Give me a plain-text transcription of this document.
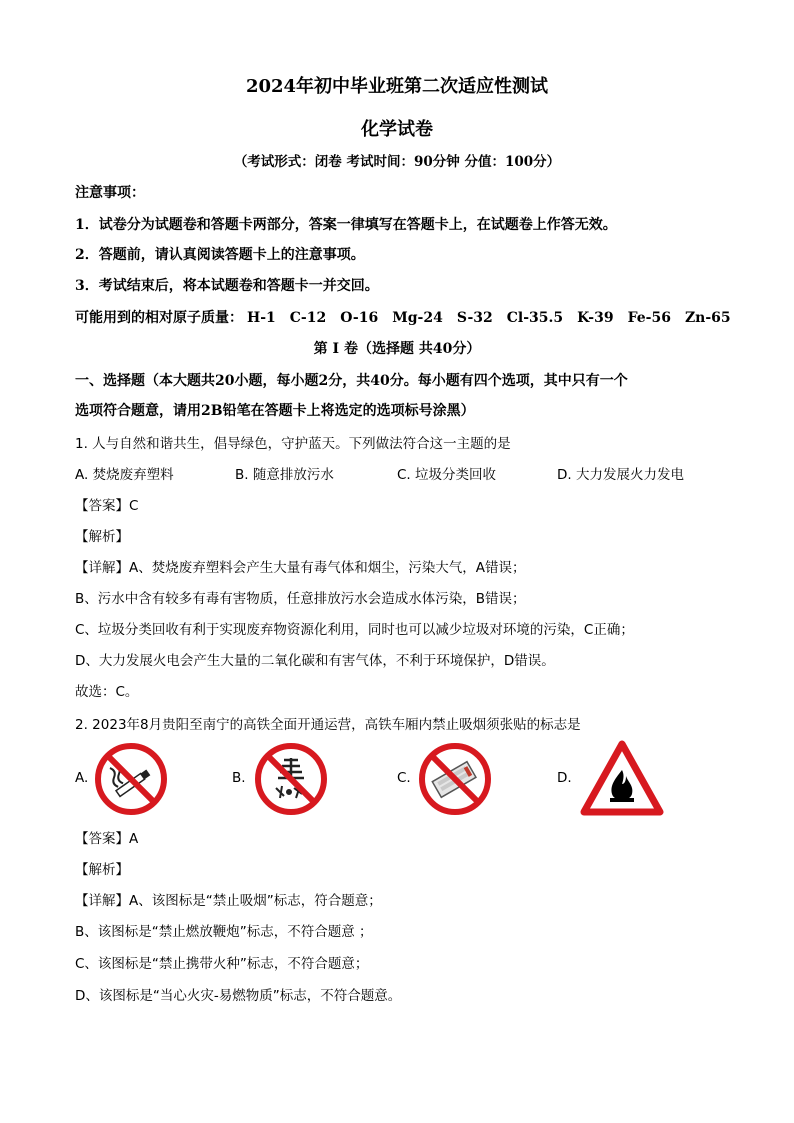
2024年初中毕业班第二次适应性测试
化学试卷
（考试形式：闭卷 考试时间：90分钟 分值：100分）
注意事项：
1．试卷分为试题卷和答题卡两部分，答案一律填写在答题卡上，在试题卷上作答无效。
2．答题前，请认真阅读答题卡上的注意事项。
3．考试结束后，将本试题卷和答题卡一并交回。
可能用到的相对原子质量： H-1 C-12 O-16 Mg-24 S-32 Cl-35.5 K-39 Fe-56 Zn-65
第 I 卷（选择题 共40分）
一、选择题（本大题共20小题，每小题2分，共40分。每小题有四个选项，其中只有一个
选项符合题意，请用2B铅笔在答题卡上将选定的选项标号涂黑）
1. 人与自然和谐共生，倡导绿色，守护蓝天。下列做法符合这一主题的是
A. 焚烧废弃塑料	B. 随意排放污水	C. 垃圾分类回收	D. 大力发展火力发电
【答案】C
【解析】
【详解】A、焚烧废弃塑料会产生大量有毒气体和烟尘，污染大气，A错误；
B、污水中含有较多有毒有害物质，任意排放污水会造成水体污染，B错误；
C、垃圾分类回收有利于实现废弃物资源化利用，同时也可以减少垃圾对环境的污染，C正确；
D、大力发展火电会产生大量的二氧化碳和有害气体，不利于环境保护，D错误。
故选：C。
2. 2023年8月贵阳至南宁的高铁全面开通运营，高铁车厢内禁止吸烟须张贴的标志是
A.	B.	C.	D.
【答案】A
【解析】
【详解】A、该图标是“禁止吸烟”标志，符合题意；
B、该图标是“禁止燃放鞭炮”标志，不符合题意 ；
C、该图标是“禁止携带火种”标志，不符合题意；
D、该图标是“当心火灾-易燃物质”标志，不符合题意。
